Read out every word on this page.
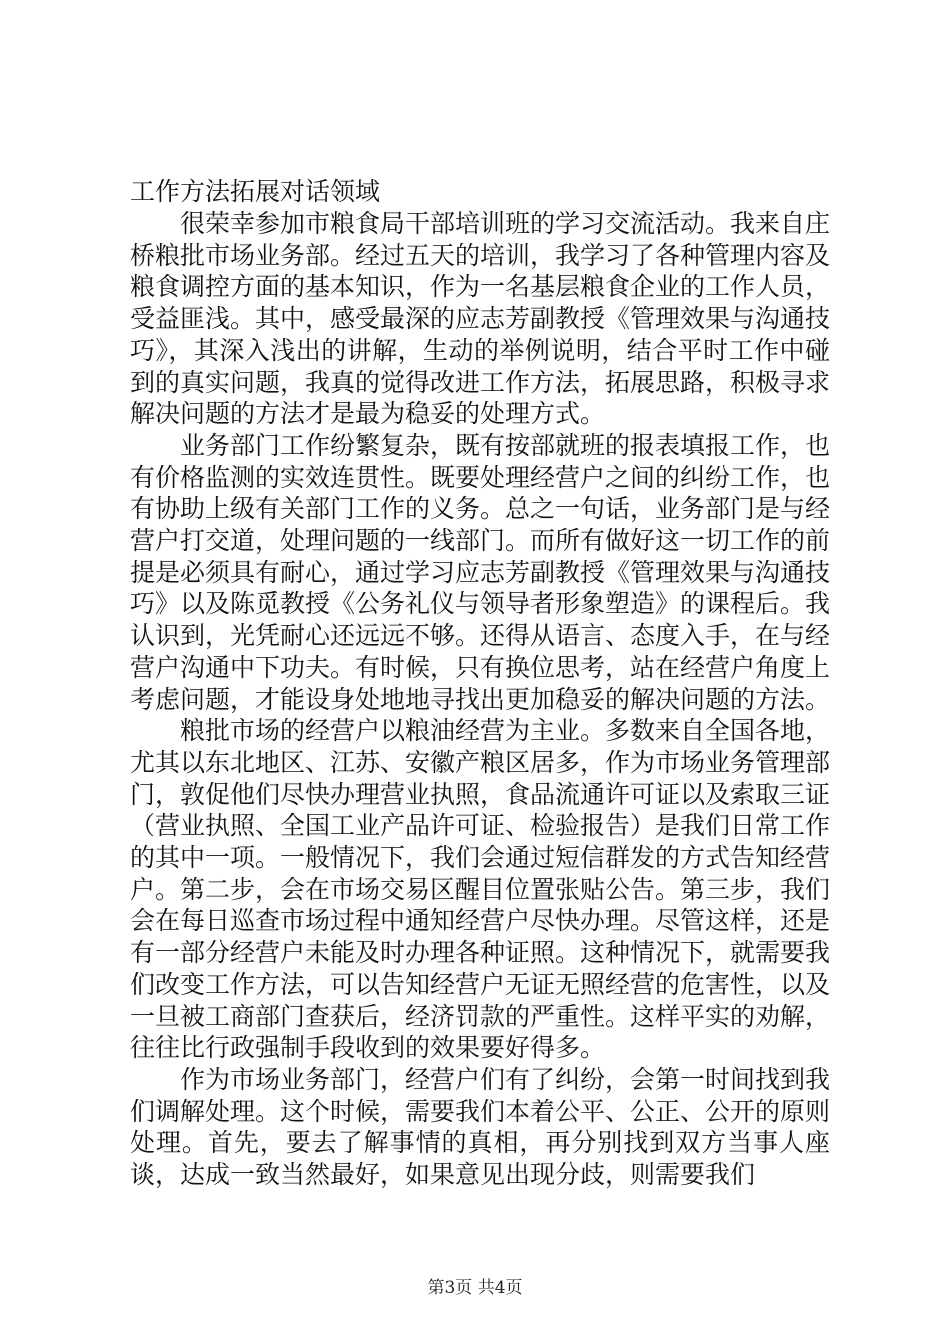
工作方法拓展对话领域

很荣幸参加市粮食局干部培训班的学习交流活动。我来自庄桥粮批市场业务部。经过五天的培训，我学习了各种管理内容及粮食调控方面的基本知识，作为一名基层粮食企业的工作人员，受益匪浅。其中，感受最深的应志芳副教授《管理效果与沟通技巧》，其深入浅出的讲解，生动的举例说明，结合平时工作中碰到的真实问题，我真的觉得改进工作方法，拓展思路，积极寻求解决问题的方法才是最为稳妥的处理方式。

业务部门工作纷繁复杂，既有按部就班的报表填报工作，也有价格监测的实效连贯性。既要处理经营户之间的纠纷工作，也有协助上级有关部门工作的义务。总之一句话，业务部门是与经营户打交道，处理问题的一线部门。而所有做好这一切工作的前提是必须具有耐心，通过学习应志芳副教授《管理效果与沟通技巧》以及陈觅教授《公务礼仪与领导者形象塑造》的课程后。我认识到，光凭耐心还远远不够。还得从语言、态度入手，在与经营户沟通中下功夫。有时候，只有换位思考，站在经营户角度上考虑问题，才能设身处地地寻找出更加稳妥的解决问题的方法。

粮批市场的经营户以粮油经营为主业。多数来自全国各地，尤其以东北地区、江苏、安徽产粮区居多，作为市场业务管理部门，敦促他们尽快办理营业执照，食品流通许可证以及索取三证（营业执照、全国工业产品许可证、检验报告）是我们日常工作的其中一项。一般情况下，我们会通过短信群发的方式告知经营户。第二步，会在市场交易区醒目位置张贴公告。第三步，我们会在每日巡查市场过程中通知经营户尽快办理。尽管这样，还是有一部分经营户未能及时办理各种证照。这种情况下，就需要我们改变工作方法，可以告知经营户无证无照经营的危害性，以及一旦被工商部门查获后，经济罚款的严重性。这样平实的劝解，往往比行政强制手段收到的效果要好得多。

作为市场业务部门，经营户们有了纠纷，会第一时间找到我们调解处理。这个时候，需要我们本着公平、公正、公开的原则处理。首先，要去了解事情的真相，再分别找到双方当事人座谈，达成一致当然最好，如果意见出现分歧，则需要我们

第3页 共4页
